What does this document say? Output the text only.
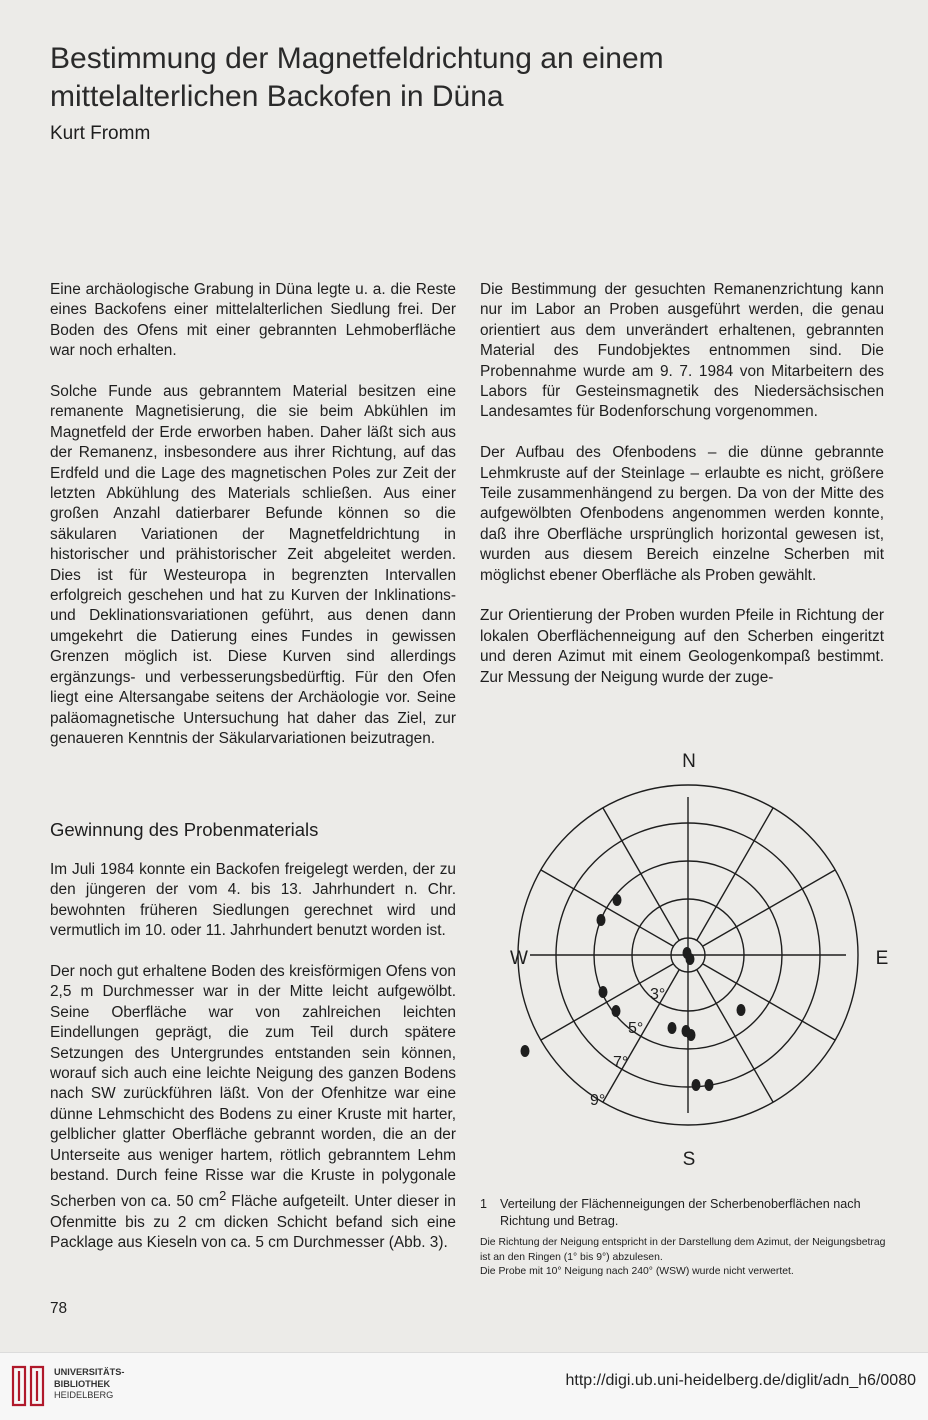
Bestimmung der Magnetfeldrichtung an einem mittelalterlichen Backofen in Düna
Kurt Fromm

Eine archäologische Grabung in Düna legte u. a. die Reste eines Backofens einer mittelalterlichen Siedlung frei. Der Boden des Ofens mit einer gebrannten Lehmoberfläche war noch erhalten.

Solche Funde aus gebranntem Material besitzen eine remanente Magnetisierung, die sie beim Abkühlen im Magnetfeld der Erde erworben haben. Daher läßt sich aus der Remanenz, insbesondere aus ihrer Richtung, auf das Erdfeld und die Lage des magnetischen Poles zur Zeit der letzten Abkühlung des Materials schließen. Aus einer großen Anzahl datierbarer Befunde können so die säkularen Variationen der Magnetfeldrichtung in historischer und prähistorischer Zeit abgeleitet werden. Dies ist für Westeuropa in begrenzten Intervallen erfolgreich geschehen und hat zu Kurven der Inklinations- und Deklinationsvariationen geführt, aus denen dann umgekehrt die Datierung eines Fundes in gewissen Grenzen möglich ist. Diese Kurven sind allerdings ergänzungs- und verbesserungsbedürftig. Für den Ofen liegt eine Altersangabe seitens der Archäologie vor. Seine paläomagnetische Untersuchung hat daher das Ziel, zur genaueren Kenntnis der Säkularvariationen beizutragen.

Gewinnung des Probenmaterials

Im Juli 1984 konnte ein Backofen freigelegt werden, der zu den jüngeren der vom 4. bis 13. Jahrhundert n. Chr. bewohnten früheren Siedlungen gerechnet wird und vermutlich im 10. oder 11. Jahrhundert benutzt worden ist.

Der noch gut erhaltene Boden des kreisförmigen Ofens von 2,5 m Durchmesser war in der Mitte leicht aufgewölbt. Seine Oberfläche war von zahlreichen leichten Eindellungen geprägt, die zum Teil durch spätere Setzungen des Untergrundes entstanden sein können, worauf sich auch eine leichte Neigung des ganzen Bodens nach SW zurückführen läßt. Von der Ofenhitze war eine dünne Lehmschicht des Bodens zu einer Kruste mit harter, gelblicher glatter Oberfläche gebrannt worden, die an der Unterseite aus weniger hartem, rötlich gebranntem Lehm bestand. Durch feine Risse war die Kruste in polygonale Scherben von ca. 50 $cm^2$ Fläche aufgeteilt. Unter dieser in Ofenmitte bis zu 2 cm dicken Schicht befand sich eine Packlage aus Kieseln von ca. 5 cm Durchmesser (Abb. 3).

Die Bestimmung der gesuchten Remanenzrichtung kann nur im Labor an Proben ausgeführt werden, die genau orientiert aus dem unverändert erhaltenen, gebrannten Material des Fundobjektes entnommen sind. Die Probennahme wurde am 9. 7. 1984 von Mitarbeitern des Labors für Gesteinsmagnetik des Niedersächsischen Landesamtes für Bodenforschung vorgenommen.

Der Aufbau des Ofenbodens – die dünne gebrannte Lehmkruste auf der Steinlage – erlaubte es nicht, größere Teile zusammenhängend zu bergen. Da von der Mitte des aufgewölbten Ofenbodens angenommen werden konnte, daß ihre Oberfläche ursprünglich horizontal gewesen ist, wurden aus diesem Bereich einzelne Scherben mit möglichst ebener Oberfläche als Proben gewählt.

Zur Orientierung der Proben wurden Pfeile in Richtung der lokalen Oberflächenneigung auf den Scherben eingeritzt und deren Azimut mit einem Geologenkompaß bestimmt. Zur Messung der Neigung wurde der zuge-

N
E
S
W
3°
5°
7°
9°
1 Verteilung der Flächenneigungen der Scherbenoberflächen nach Richtung und Betrag.

Die Richtung der Neigung entspricht in der Darstellung dem Azimut, der Neigungsbetrag ist an den Ringen (1° bis 9°) abzulesen.

Die Probe mit 10° Neigung nach 240° (WSW) wurde nicht verwertet.

78
UNIVERSITÄTS-
BIBLIOTHEK
HEIDELBERG
http://digi.ub.uni-heidelberg.de/diglit/adn_h6/0080
